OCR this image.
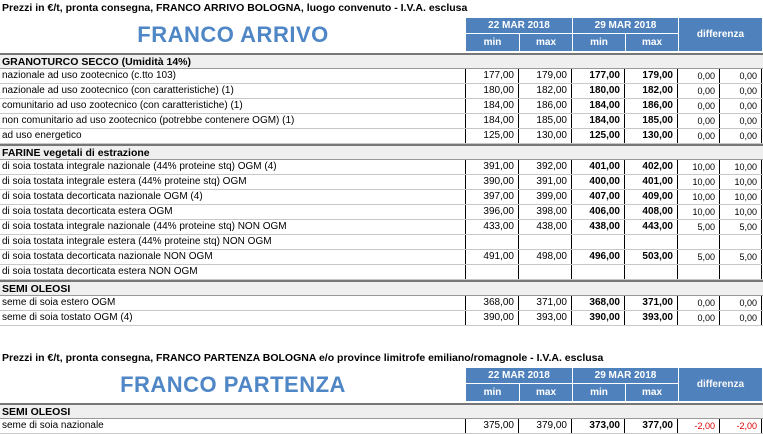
Prezzi in €/t, pronta consegna, FRANCO ARRIVO BOLOGNA, luogo convenuto - I.V.A. esclusa
FRANCO ARRIVO	22 MAR 2018	29 MAR 2018
min	max	min	max
differenza
GRANOTURCO SECCO (Umidità 14%)
nazionale ad uso zootecnico (c.tto 103)	177,00	179,00	177,00	179,00	0,00	0,00
nazionale ad uso zootecnico (con caratteristiche) (1)	180,00	182,00	180,00	182,00	0,00	0,00
comunitario ad uso zootecnico (con caratteristiche) (1)	184,00	186,00	184,00	186,00	0,00	0,00
non comunitario ad uso zootecnico (potrebbe contenere OGM) (1)	184,00	185,00	184,00	185,00	0,00	0,00
ad uso energetico	125,00	130,00	125,00	130,00	0,00	0,00
FARINE vegetali di estrazione
di soia tostata integrale nazionale (44% proteine stq) OGM (4)	391,00	392,00	401,00	402,00	10,00	10,00
di soia tostata integrale estera (44% proteine stq) OGM	390,00	391,00	400,00	401,00	10,00	10,00
di soia tostata decorticata nazionale OGM (4)	397,00	399,00	407,00	409,00	10,00	10,00
di soia tostata decorticata estera OGM	396,00	398,00	406,00	408,00	10,00	10,00
di soia tostata integrale nazionale (44% proteine stq) NON OGM	433,00	438,00	438,00	443,00	5,00	5,00
di soia tostata integrale estera (44% proteine stq) NON OGM
di soia tostata decorticata nazionale NON OGM	491,00	498,00	496,00	503,00	5,00	5,00
di soia tostata decorticata estera NON OGM
SEMI OLEOSI
seme di soia estero OGM	368,00	371,00	368,00	371,00	0,00	0,00
seme di soia tostato OGM (4)	390,00	393,00	390,00	393,00	0,00	0,00
Prezzi in €/t, pronta consegna, FRANCO PARTENZA BOLOGNA e/o province limitrofe emiliano/romagnole - I.V.A. esclusa
FRANCO PARTENZA	22 MAR 2018	29 MAR 2018
min	max	min	max
differenza
SEMI OLEOSI
seme di soia nazionale	375,00	379,00	373,00	377,00	-2,00	-2,00
